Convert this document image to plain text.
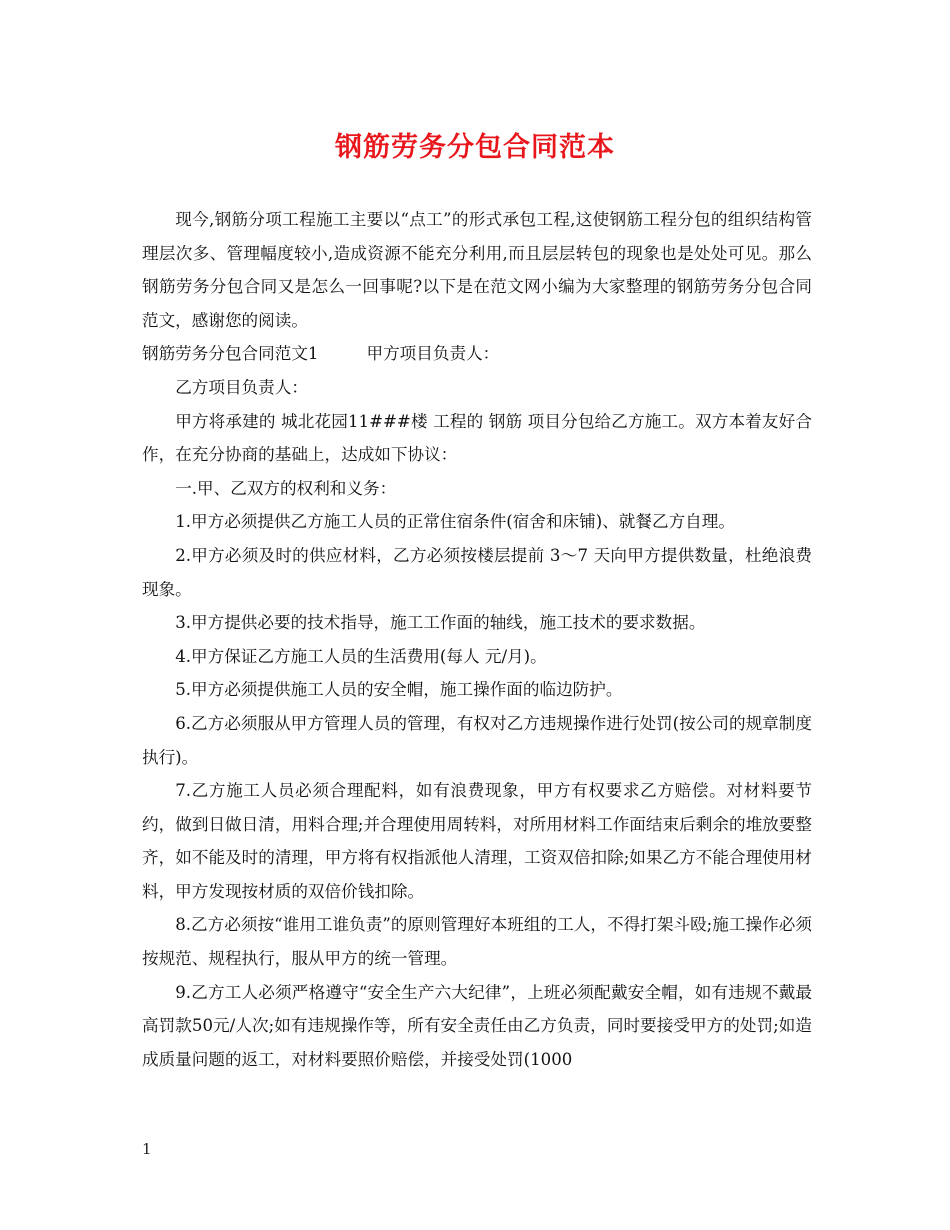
钢筋劳务分包合同范本

现今,钢筋分项工程施工主要以“点工”的形式承包工程,这使钢筋工程分包的组织结构管理层次多、管理幅度较小,造成资源不能充分利用,而且层层转包的现象也是处处可见。那么钢筋劳务分包合同又是怎么一回事呢?以下是在范文网小编为大家整理的钢筋劳务分包合同范文，感谢您的阅读。

钢筋劳务分包合同范文1	甲方项目负责人：

乙方项目负责人：

甲方将承建的 城北花园11###楼 工程的 钢筋 项目分包给乙方施工。双方本着友好合作，在充分协商的基础上，达成如下协议：

一.甲、乙双方的权利和义务：

1.甲方必须提供乙方施工人员的正常住宿条件(宿舍和床铺)、就餐乙方自理。

2.甲方必须及时的供应材料，乙方必须按楼层提前 3～7 天向甲方提供数量，杜绝浪费现象。

3.甲方提供必要的技术指导，施工工作面的轴线，施工技术的要求数据。

4.甲方保证乙方施工人员的生活费用(每人 元/月)。

5.甲方必须提供施工人员的安全帽，施工操作面的临边防护。

6.乙方必须服从甲方管理人员的管理，有权对乙方违规操作进行处罚(按公司的规章制度执行)。

7.乙方施工人员必须合理配料，如有浪费现象，甲方有权要求乙方赔偿。对材料要节约，做到日做日清，用料合理;并合理使用周转料，对所用材料工作面结束后剩余的堆放要整齐，如不能及时的清理，甲方将有权指派他人清理，工资双倍扣除;如果乙方不能合理使用材料，甲方发现按材质的双倍价钱扣除。

8.乙方必须按“谁用工谁负责”的原则管理好本班组的工人，不得打架斗殴;施工操作必须按规范、规程执行，服从甲方的统一管理。

9.乙方工人必须严格遵守“安全生产六大纪律”，上班必须配戴安全帽，如有违规不戴最高罚款50元/人次;如有违规操作等，所有安全责任由乙方负责，同时要接受甲方的处罚;如造成质量问题的返工，对材料要照价赔偿，并接受处罚(1000

1
